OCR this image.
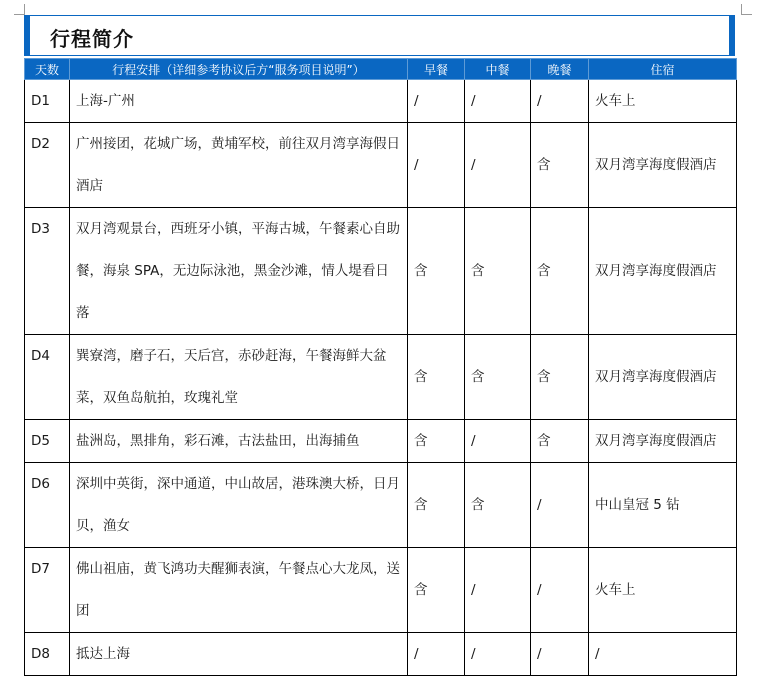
行程简介
天数	行程安排（详细参考协议后方“服务项目说明”）	早餐	中餐	晚餐	住宿
D1	上海-广州	/	/	/	火车上
D2	广州接团，花城广场，黄埔军校，前往双月湾享海假日酒店	/	/	含	双月湾享海度假酒店
D3	双月湾观景台，西班牙小镇，平海古城，午餐素心自助餐，海泉 SPA，无边际泳池，黑金沙滩，情人堤看日落	含	含	含	双月湾享海度假酒店
D4	巽寮湾，磨子石，天后宫，赤砂赶海，午餐海鲜大盆菜，双鱼岛航拍，玫瑰礼堂	含	含	含	双月湾享海度假酒店
D5	盐洲岛，黑排角，彩石滩，古法盐田，出海捕鱼	含	/	含	双月湾享海度假酒店
D6	深圳中英街，深中通道，中山故居，港珠澳大桥，日月贝，渔女	含	含	/	中山皇冠 5 钻
D7	佛山祖庙，黄飞鸿功夫醒狮表演，午餐点心大龙凤，送团	含	/	/	火车上
D8	抵达上海	/	/	/	/
